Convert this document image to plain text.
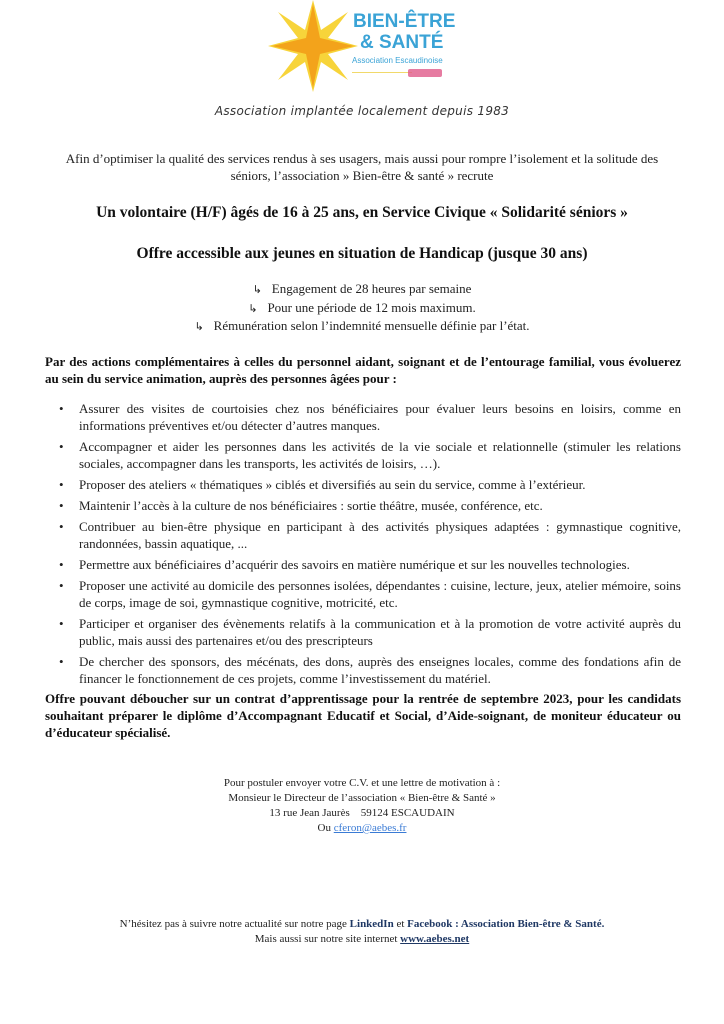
BIEN-ÊTRE
& SANTÉ
Association Escaudinoise
Association implantée localement depuis 1983
Afin d’optimiser la qualité des services rendus à ses usagers, mais aussi pour rompre l’isolement et la solitude des séniors, l’association » Bien-être & santé » recrute
Un volontaire (H/F) âgés de 16 à 25 ans, en Service Civique « Solidarité séniors »
Offre accessible aux jeunes en situation de Handicap (jusque 30 ans)
↳ Engagement de 28 heures par semaine
↳ Pour une période de 12 mois maximum.
↳ Rémunération selon l’indemnité mensuelle définie par l’état.
Par des actions complémentaires à celles du personnel aidant, soignant et de l’entourage familial, vous évoluerez au sein du service animation, auprès des personnes âgées pour :
• Assurer des visites de courtoisies chez nos bénéficiaires pour évaluer leurs besoins en loisirs, comme en informations préventives et/ou détecter d’autres manques.
• Accompagner et aider les personnes dans les activités de la vie sociale et relationnelle (stimuler les relations sociales, accompagner dans les transports, les activités de loisirs, …).
• Proposer des ateliers « thématiques » ciblés et diversifiés au sein du service, comme à l’extérieur.
• Maintenir l’accès à la culture de nos bénéficiaires : sortie théâtre, musée, conférence, etc.
• Contribuer au bien-être physique en participant à des activités physiques adaptées : gymnastique cognitive, randonnées, bassin aquatique, ...
• Permettre aux bénéficiaires d’acquérir des savoirs en matière numérique et sur les nouvelles technologies.
• Proposer une activité au domicile des personnes isolées, dépendantes : cuisine, lecture, jeux, atelier mémoire, soins de corps, image de soi, gymnastique cognitive, motricité, etc.
• Participer et organiser des évènements relatifs à la communication et à la promotion de votre activité auprès du public, mais aussi des partenaires et/ou des prescripteurs
• De chercher des sponsors, des mécénats, des dons, auprès des enseignes locales, comme des fondations afin de financer le fonctionnement de ces projets, comme l’investissement du matériel.
Offre pouvant déboucher sur un contrat d’apprentissage pour la rentrée de septembre 2023, pour les candidats souhaitant préparer le diplôme d’Accompagnant Educatif et Social, d’Aide-soignant, de moniteur éducateur ou d’éducateur spécialisé.
Pour postuler envoyer votre C.V. et une lettre de motivation à :
Monsieur le Directeur de l’association « Bien-être & Santé »
13 rue Jean Jaurès    59124 ESCAUDAIN
Ou cferon@aebes.fr
N’hésitez pas à suivre notre actualité sur notre page LinkedIn et Facebook : Association Bien-être & Santé.
Mais aussi sur notre site internet www.aebes.net
